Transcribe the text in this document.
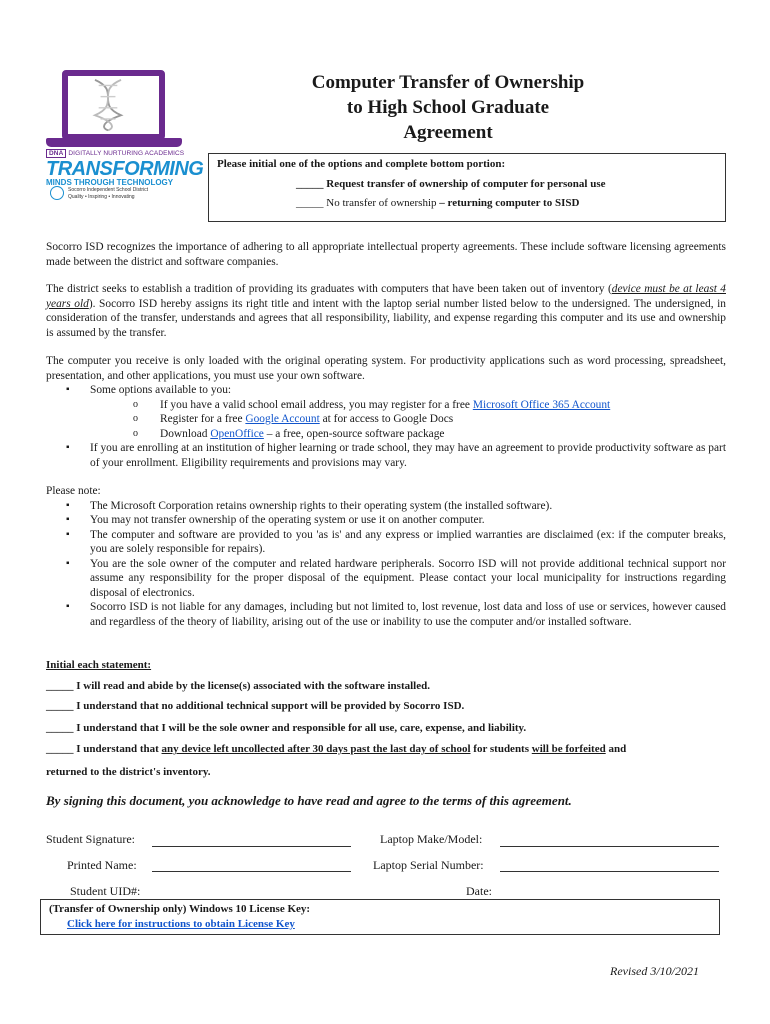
DNA DIGITALLY NURTURING ACADEMICS
TRANSFORMING
MINDS THROUGH TECHNOLOGY
Socorro Independent School District
Quality • Inspiring • Innovating
Computer Transfer of Ownership
to High School Graduate
Agreement
Please initial one of the options and complete bottom portion:
_____ Request transfer of ownership of computer for personal use
_____ No transfer of ownership – returning computer to SISD
Socorro ISD recognizes the importance of adhering to all appropriate intellectual property agreements. These include software licensing agreements made between the district and software companies.
The district seeks to establish a tradition of providing its graduates with computers that have been taken out of inventory (device must be at least 4 years old). Socorro ISD hereby assigns its right title and intent with the laptop serial number listed below to the undersigned. The undersigned, in consideration of the transfer, understands and agrees that all responsibility, liability, and expense regarding this computer and its use and ownership is assumed by the transfer.
The computer you receive is only loaded with the original operating system. For productivity applications such as word processing, spreadsheet, presentation, and other applications, you must use your own software.
▪ Some options available to you:
o If you have a valid school email address, you may register for a free Microsoft Office 365 Account
o Register for a free Google Account at for access to Google Docs
o Download OpenOffice – a free, open-source software package
▪ If you are enrolling at an institution of higher learning or trade school, they may have an agreement to provide productivity software as part of your enrollment. Eligibility requirements and provisions may vary.
Please note:
▪ The Microsoft Corporation retains ownership rights to their operating system (the installed software).
▪ You may not transfer ownership of the operating system or use it on another computer.
▪ The computer and software are provided to you 'as is' and any express or implied warranties are disclaimed (ex: if the computer breaks, you are solely responsible for repairs).
▪ You are the sole owner of the computer and related hardware peripherals. Socorro ISD will not provide additional technical support nor assume any responsibility for the proper disposal of the equipment. Please contact your local municipality for instructions regarding disposal of electronics.
▪ Socorro ISD is not liable for any damages, including but not limited to, lost revenue, lost data and loss of use or services, however caused and regardless of the theory of liability, arising out of the use or inability to use the computer and/or installed software.
Initial each statement:
_____ I will read and abide by the license(s) associated with the software installed.
_____ I understand that no additional technical support will be provided by Socorro ISD.
_____ I understand that I will be the sole owner and responsible for all use, care, expense, and liability.
_____ I understand that any device left uncollected after 30 days past the last day of school for students will be forfeited and
returned to the district's inventory.
By signing this document, you acknowledge to have read and agree to the terms of this agreement.
Student Signature:	Laptop Make/Model:
Printed Name:	Laptop Serial Number:
Student UID#:	Date:
(Transfer of Ownership only) Windows 10 License Key:
Click here for instructions to obtain License Key
Revised 3/10/2021
